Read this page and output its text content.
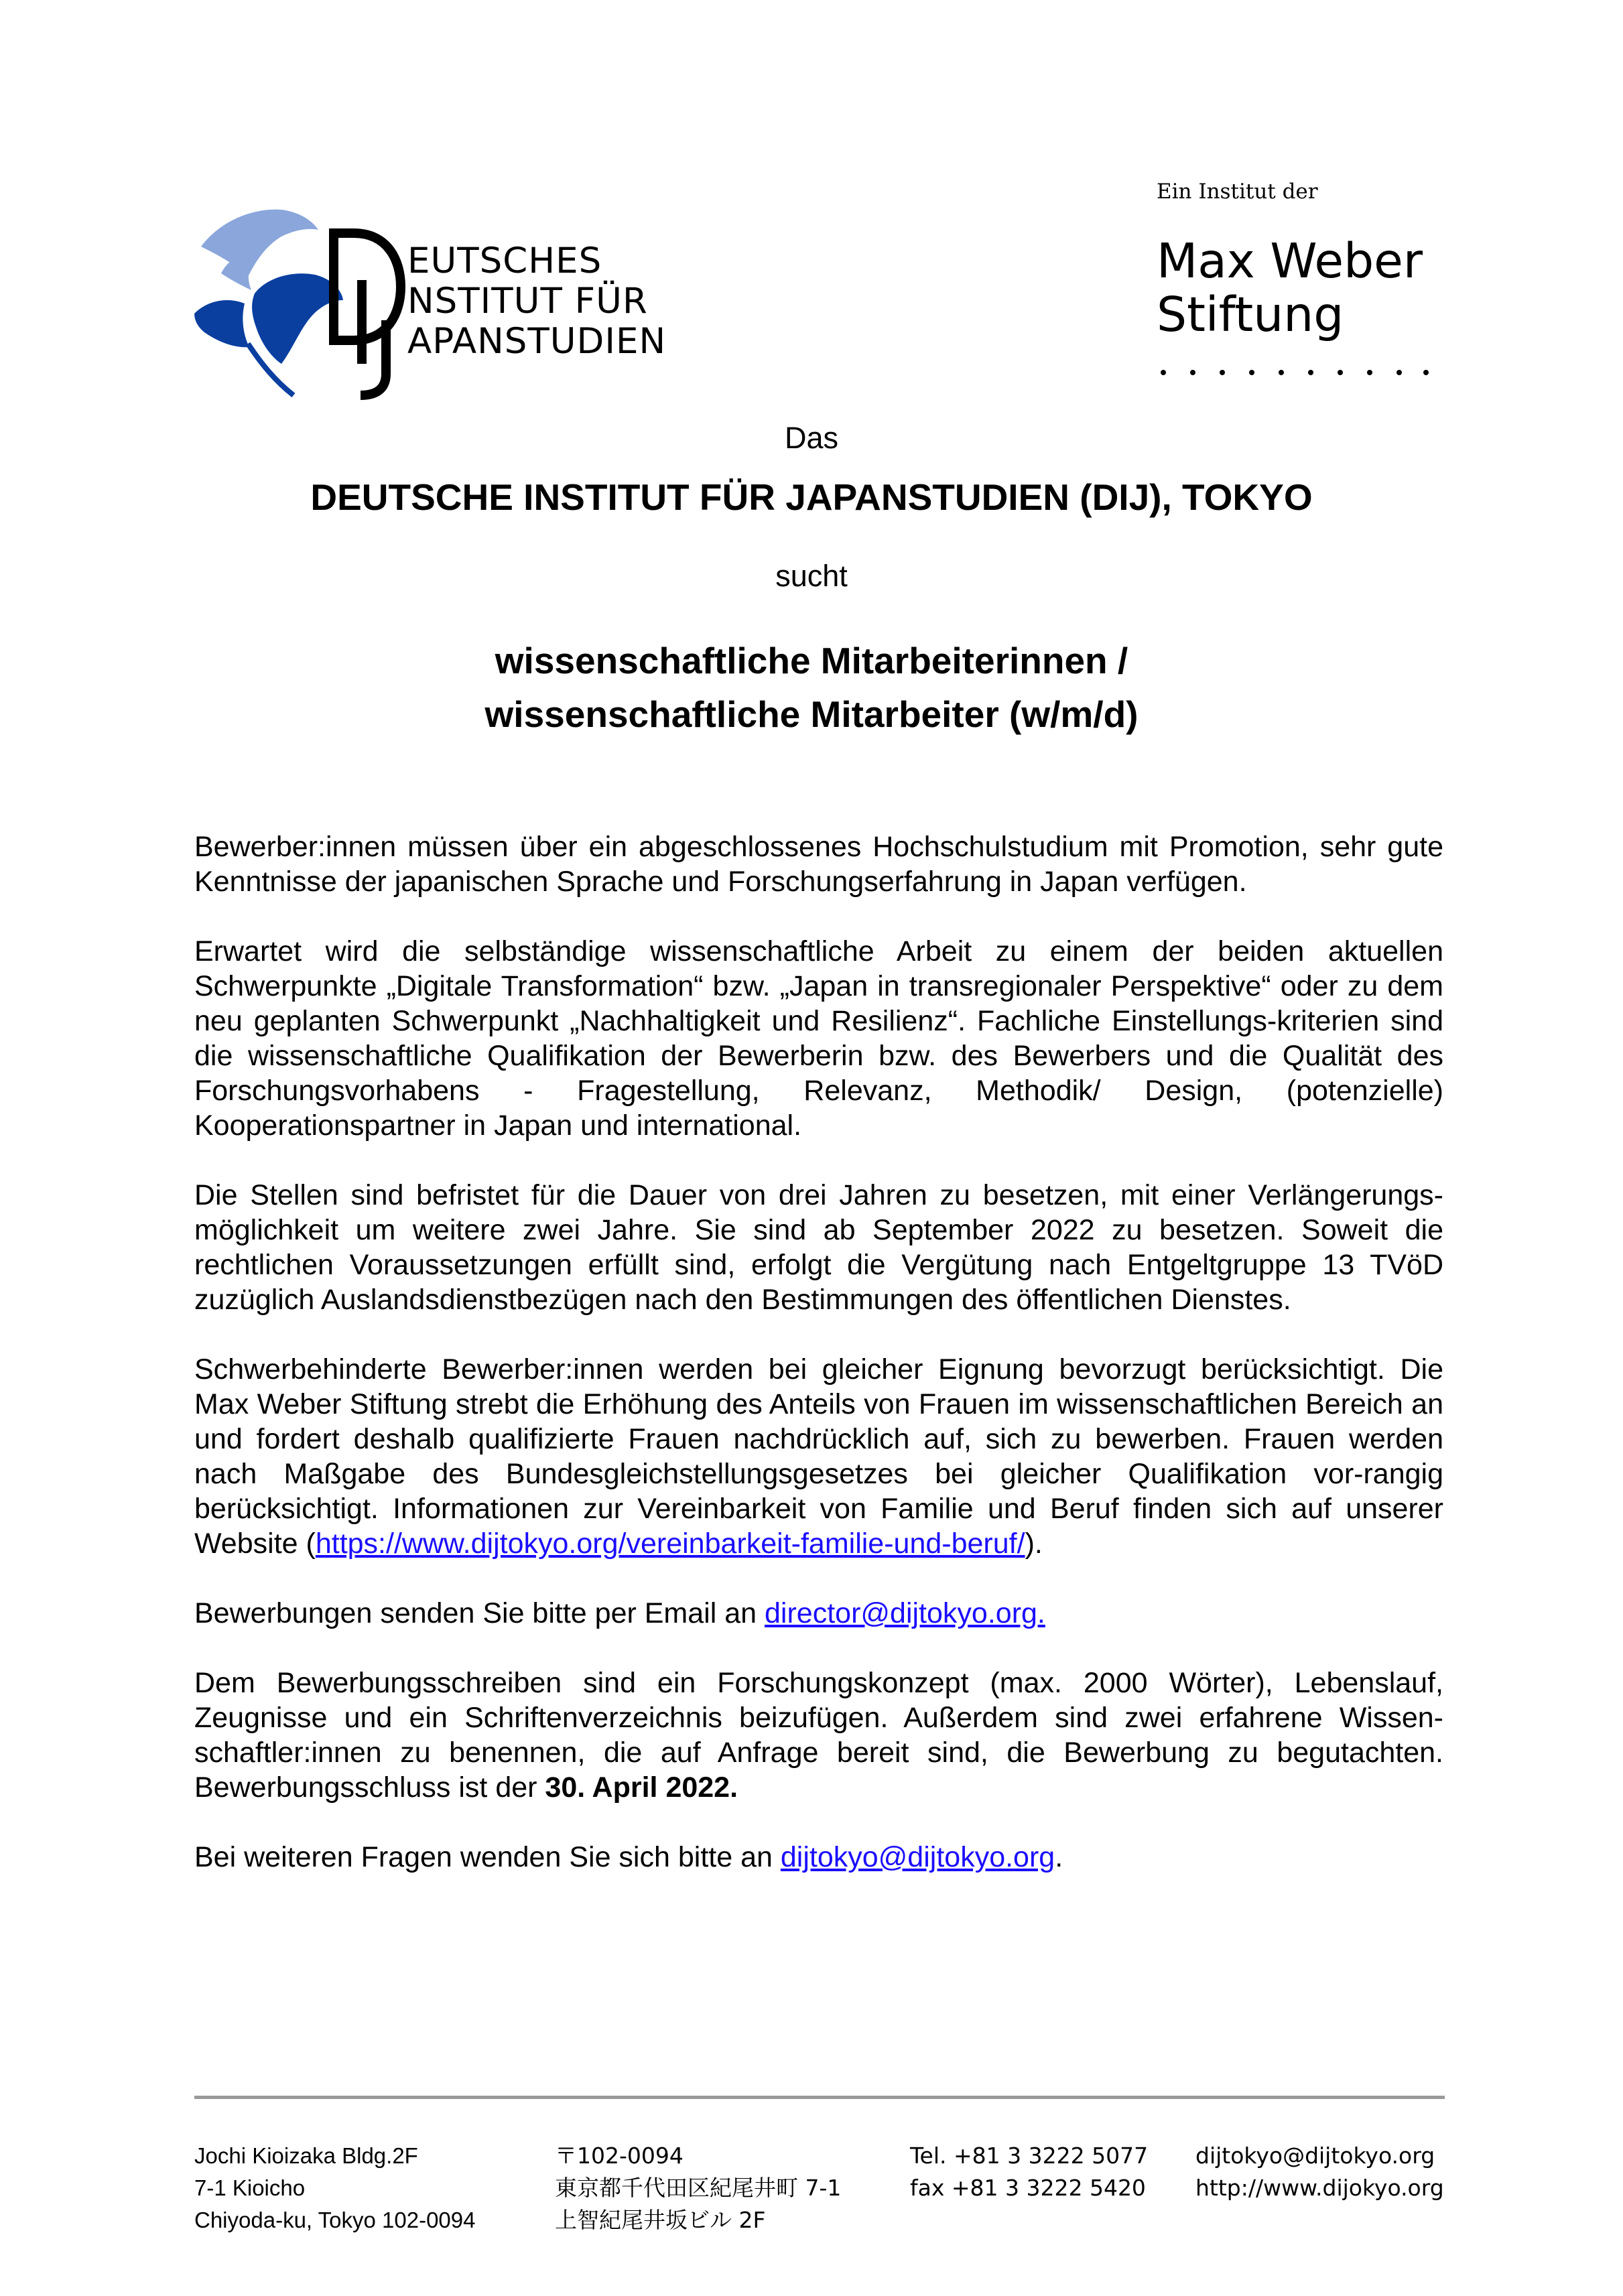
EUTSCHES
NSTITUT FÜR
APANSTUDIEN
Ein Institut der
Max Weber
Stiftung
Das
DEUTSCHE INSTITUT FÜR JAPANSTUDIEN (DIJ), TOKYO
sucht
wissenschaftliche Mitarbeiterinnen /
wissenschaftliche Mitarbeiter (w/m/d)

Bewerber:innen müssen über ein abgeschlossenes Hochschulstudium mit Promotion, sehr gute Kenntnisse der japanischen Sprache und Forschungserfahrung in Japan verfügen.

Erwartet wird die selbständige wissenschaftliche Arbeit zu einem der beiden aktuellen Schwerpunkte „Digitale Transformation“ bzw. „Japan in transregionaler Perspektive“ oder zu dem neu geplanten Schwerpunkt „Nachhaltigkeit und Resilienz“. Fachliche Einstellungs-kriterien sind die wissenschaftliche Qualifikation der Bewerberin bzw. des Bewerbers und die Qualität des Forschungsvorhabens - Fragestellung, Relevanz, Methodik/ Design, (potenzielle) Kooperationspartner in Japan und international.

Die Stellen sind befristet für die Dauer von drei Jahren zu besetzen, mit einer Verlängerungs-möglichkeit um weitere zwei Jahre. Sie sind ab September 2022 zu besetzen. Soweit die rechtlichen Voraussetzungen erfüllt sind, erfolgt die Vergütung nach Entgeltgruppe 13 TVöD zuzüglich Auslandsdienstbezügen nach den Bestimmungen des öffentlichen Dienstes.

Schwerbehinderte Bewerber:innen werden bei gleicher Eignung bevorzugt berücksichtigt. Die Max Weber Stiftung strebt die Erhöhung des Anteils von Frauen im wissenschaftlichen Bereich an und fordert deshalb qualifizierte Frauen nachdrücklich auf, sich zu bewerben. Frauen werden nach Maßgabe des Bundesgleichstellungsgesetzes bei gleicher Qualifikation vor-rangig berücksichtigt. Informationen zur Vereinbarkeit von Familie und Beruf finden sich auf unserer Website (https://www.dijtokyo.org/vereinbarkeit-familie-und-beruf/).

Bewerbungen senden Sie bitte per Email an director@dijtokyo.org.

Dem Bewerbungsschreiben sind ein Forschungskonzept (max. 2000 Wörter), Lebenslauf, Zeugnisse und ein Schriftenverzeichnis beizufügen. Außerdem sind zwei erfahrene Wissen-schaftler:innen zu benennen, die auf Anfrage bereit sind, die Bewerbung zu begutachten. Bewerbungsschluss ist der 30. April 2022.

Bei weiteren Fragen wenden Sie sich bitte an dijtokyo@dijtokyo.org.

Jochi Kioizaka Bldg.2F
7-1 Kioicho
Chiyoda-ku, Tokyo 102-0094
〒102-0094
東京都千代田区紀尾井町 7-1
上智紀尾井坂ビル 2F
Tel. +81 3 3222 5077
fax +81 3 3222 5420
dijtokyo@dijtokyo.org
http://www.dijokyo.org
